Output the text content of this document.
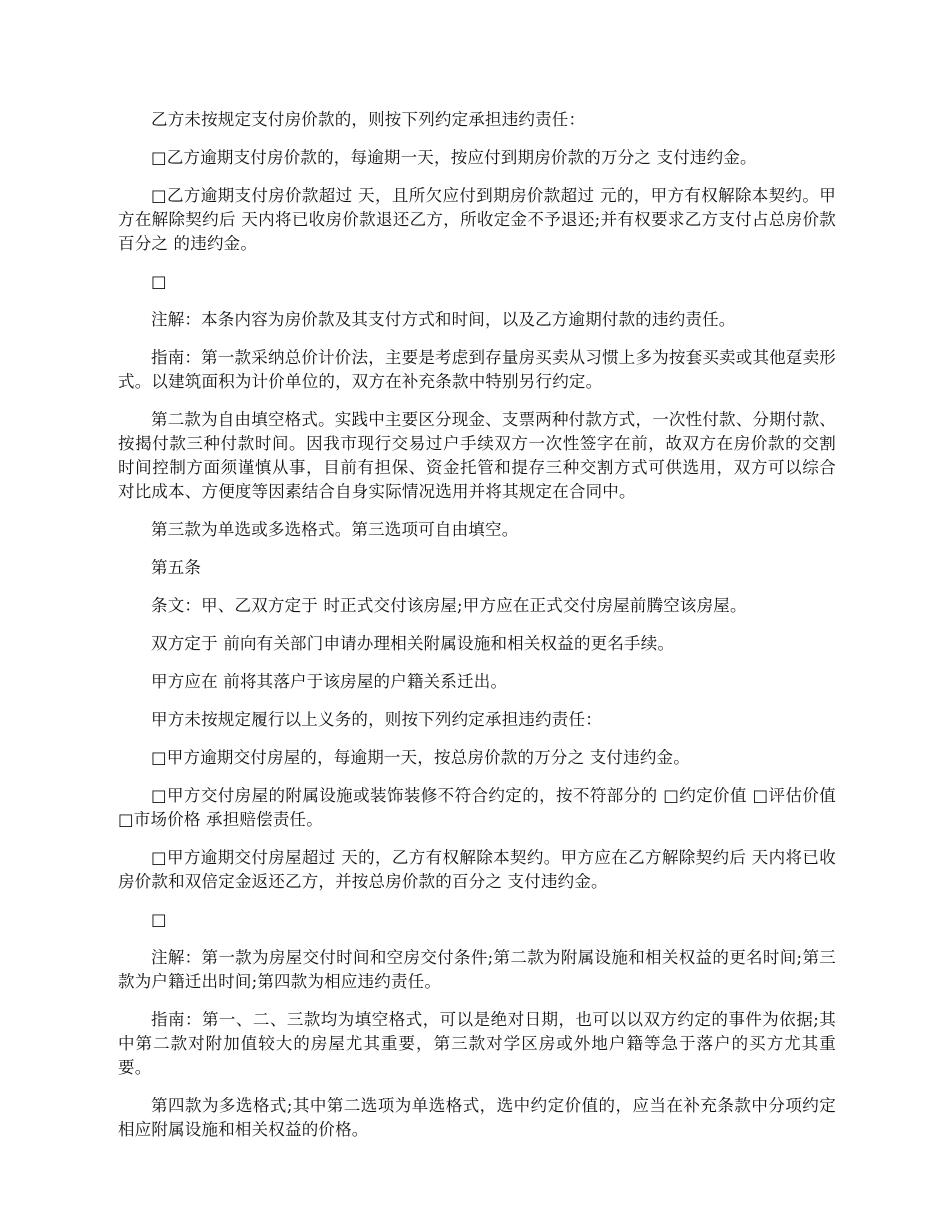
乙方未按规定支付房价款的，则按下列约定承担违约责任：

□乙方逾期支付房价款的，每逾期一天，按应付到期房价款的万分之 支付违约金。

□乙方逾期支付房价款超过 天，且所欠应付到期房价款超过 元的，甲方有权解除本契约。甲方在解除契约后 天内将已收房价款退还乙方，所收定金不予退还;并有权要求乙方支付占总房价款百分之 的违约金。

□

注解：本条内容为房价款及其支付方式和时间，以及乙方逾期付款的违约责任。

指南：第一款采纳总价计价法，主要是考虑到存量房买卖从习惯上多为按套买卖或其他趸卖形式。以建筑面积为计价单位的，双方在补充条款中特别另行约定。

第二款为自由填空格式。实践中主要区分现金、支票两种付款方式，一次性付款、分期付款、按揭付款三种付款时间。因我市现行交易过户手续双方一次性签字在前，故双方在房价款的交割时间控制方面须谨慎从事，目前有担保、资金托管和提存三种交割方式可供选用，双方可以综合对比成本、方便度等因素结合自身实际情况选用并将其规定在合同中。

第三款为单选或多选格式。第三选项可自由填空。

第五条

条文：甲、乙双方定于 时正式交付该房屋;甲方应在正式交付房屋前腾空该房屋。

双方定于 前向有关部门申请办理相关附属设施和相关权益的更名手续。

甲方应在 前将其落户于该房屋的户籍关系迁出。

甲方未按规定履行以上义务的，则按下列约定承担违约责任：

□甲方逾期交付房屋的，每逾期一天，按总房价款的万分之 支付违约金。

□甲方交付房屋的附属设施或装饰装修不符合约定的，按不符部分的 □约定价值 □评估价值 □市场价格 承担赔偿责任。

□甲方逾期交付房屋超过 天的，乙方有权解除本契约。甲方应在乙方解除契约后 天内将已收房价款和双倍定金返还乙方，并按总房价款的百分之 支付违约金。

□

注解：第一款为房屋交付时间和空房交付条件;第二款为附属设施和相关权益的更名时间;第三款为户籍迁出时间;第四款为相应违约责任。

指南：第一、二、三款均为填空格式，可以是绝对日期，也可以以双方约定的事件为依据;其中第二款对附加值较大的房屋尤其重要，第三款对学区房或外地户籍等急于落户的买方尤其重要。

第四款为多选格式;其中第二选项为单选格式，选中约定价值的，应当在补充条款中分项约定相应附属设施和相关权益的价格。
